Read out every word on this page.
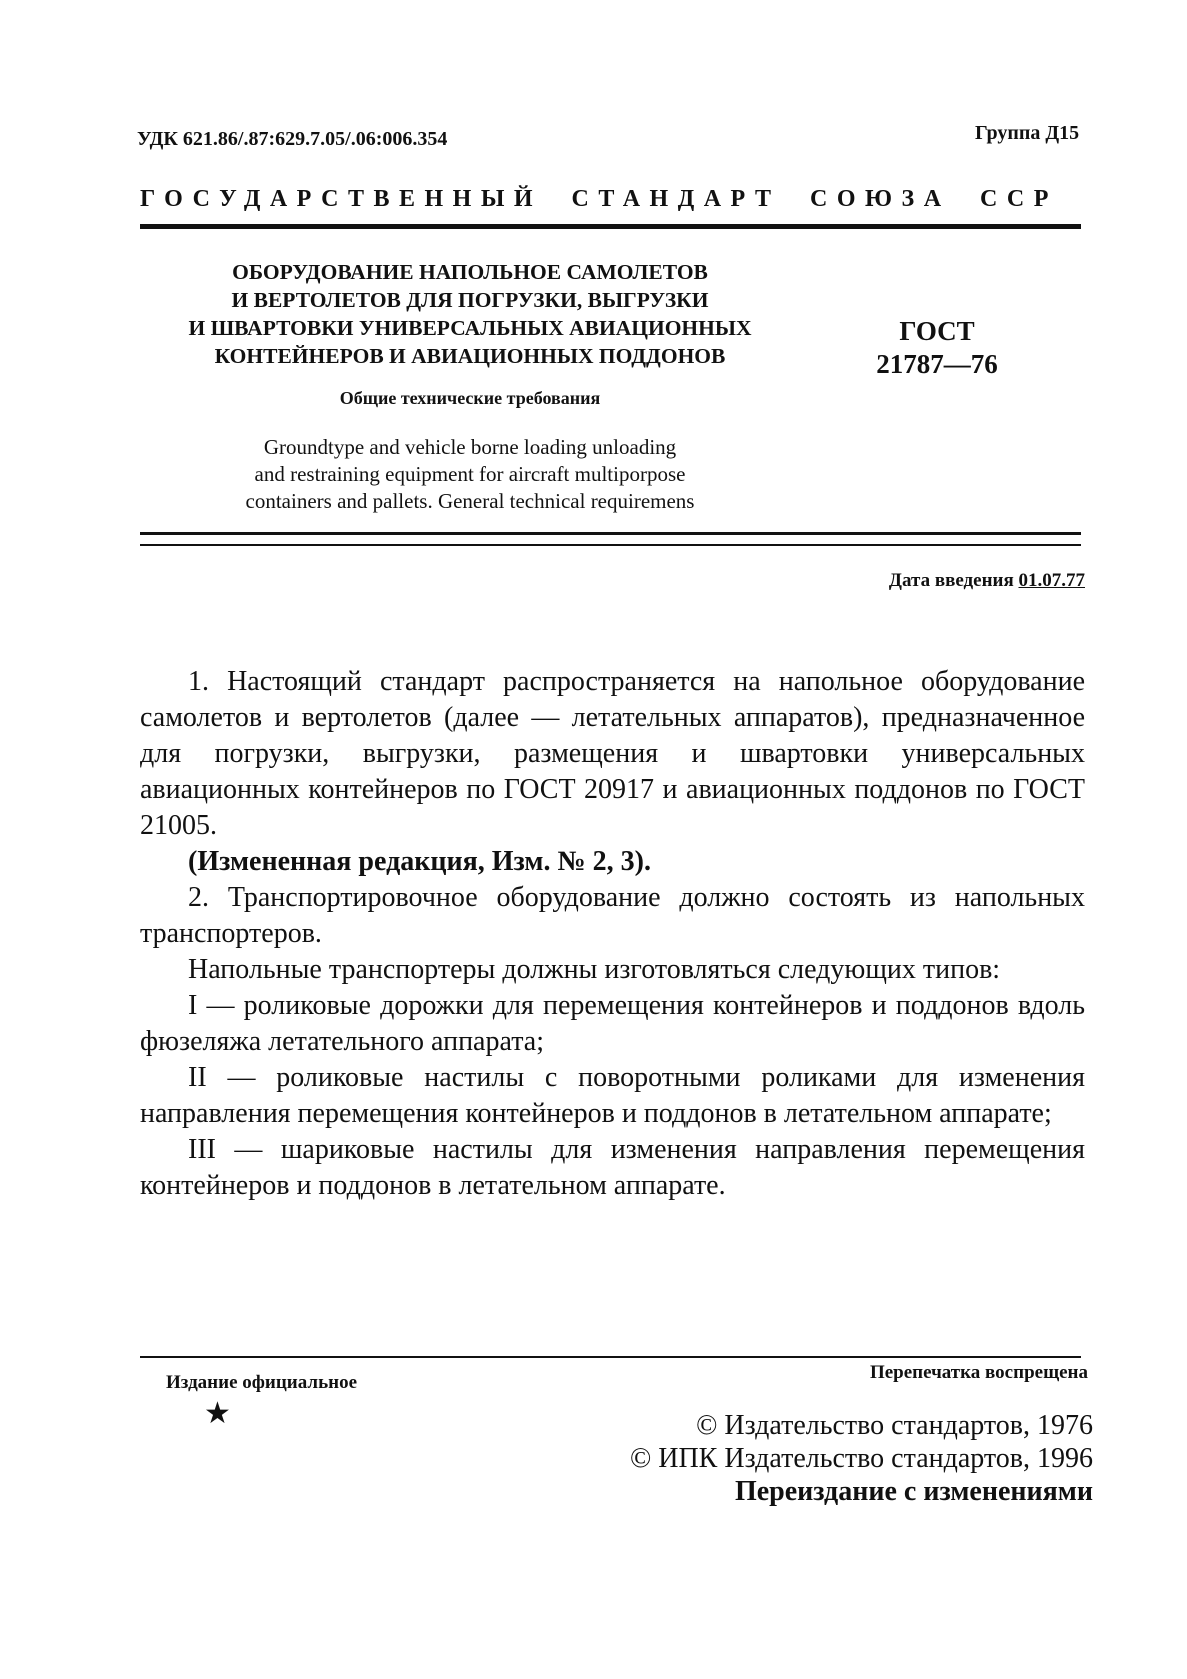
УДК 621.86/.87:629.7.05/.06:006.354	Группа Д15
ГОСУДАРСТВЕННЫЙ СТАНДАРТ СОЮЗА ССР
ОБОРУДОВАНИЕ НАПОЛЬНОЕ САМОЛЕТОВ
И ВЕРТОЛЕТОВ ДЛЯ ПОГРУЗКИ, ВЫГРУЗКИ
И ШВАРТОВКИ УНИВЕРСАЛЬНЫХ АВИАЦИОННЫХ
КОНТЕЙНЕРОВ И АВИАЦИОННЫХ ПОДДОНОВ
ГОСТ
21787—76
Общие технические требования
Groundtype and vehicle borne loading unloading
and restraining equipment for aircraft multiporpose
containers and pallets. General technical requiremens
Дата введения 01.07.77

1. Настоящий стандарт распространяется на напольное оборудование самолетов и вертолетов (далее — летательных аппаратов), предназначенное для погрузки, выгрузки, размещения и швартовки универсальных авиационных контейнеров по ГОСТ 20917 и авиационных поддонов по ГОСТ 21005.

(Измененная редакция, Изм. № 2, 3).

2. Транспортировочное оборудование должно состоять из напольных транспортеров.

Напольные транспортеры должны изготовляться следующих типов:

I — роликовые дорожки для перемещения контейнеров и поддонов вдоль фюзеляжа летательного аппарата;

II — роликовые настилы с поворотными роликами для изменения направления перемещения контейнеров и поддонов в летательном аппарате;

III — шариковые настилы для изменения направления перемещения контейнеров и поддонов в летательном аппарате.

Издание официальное
★
Перепечатка воспрещена
© Издательство стандартов, 1976
© ИПК Издательство стандартов, 1996
Переиздание с изменениями
